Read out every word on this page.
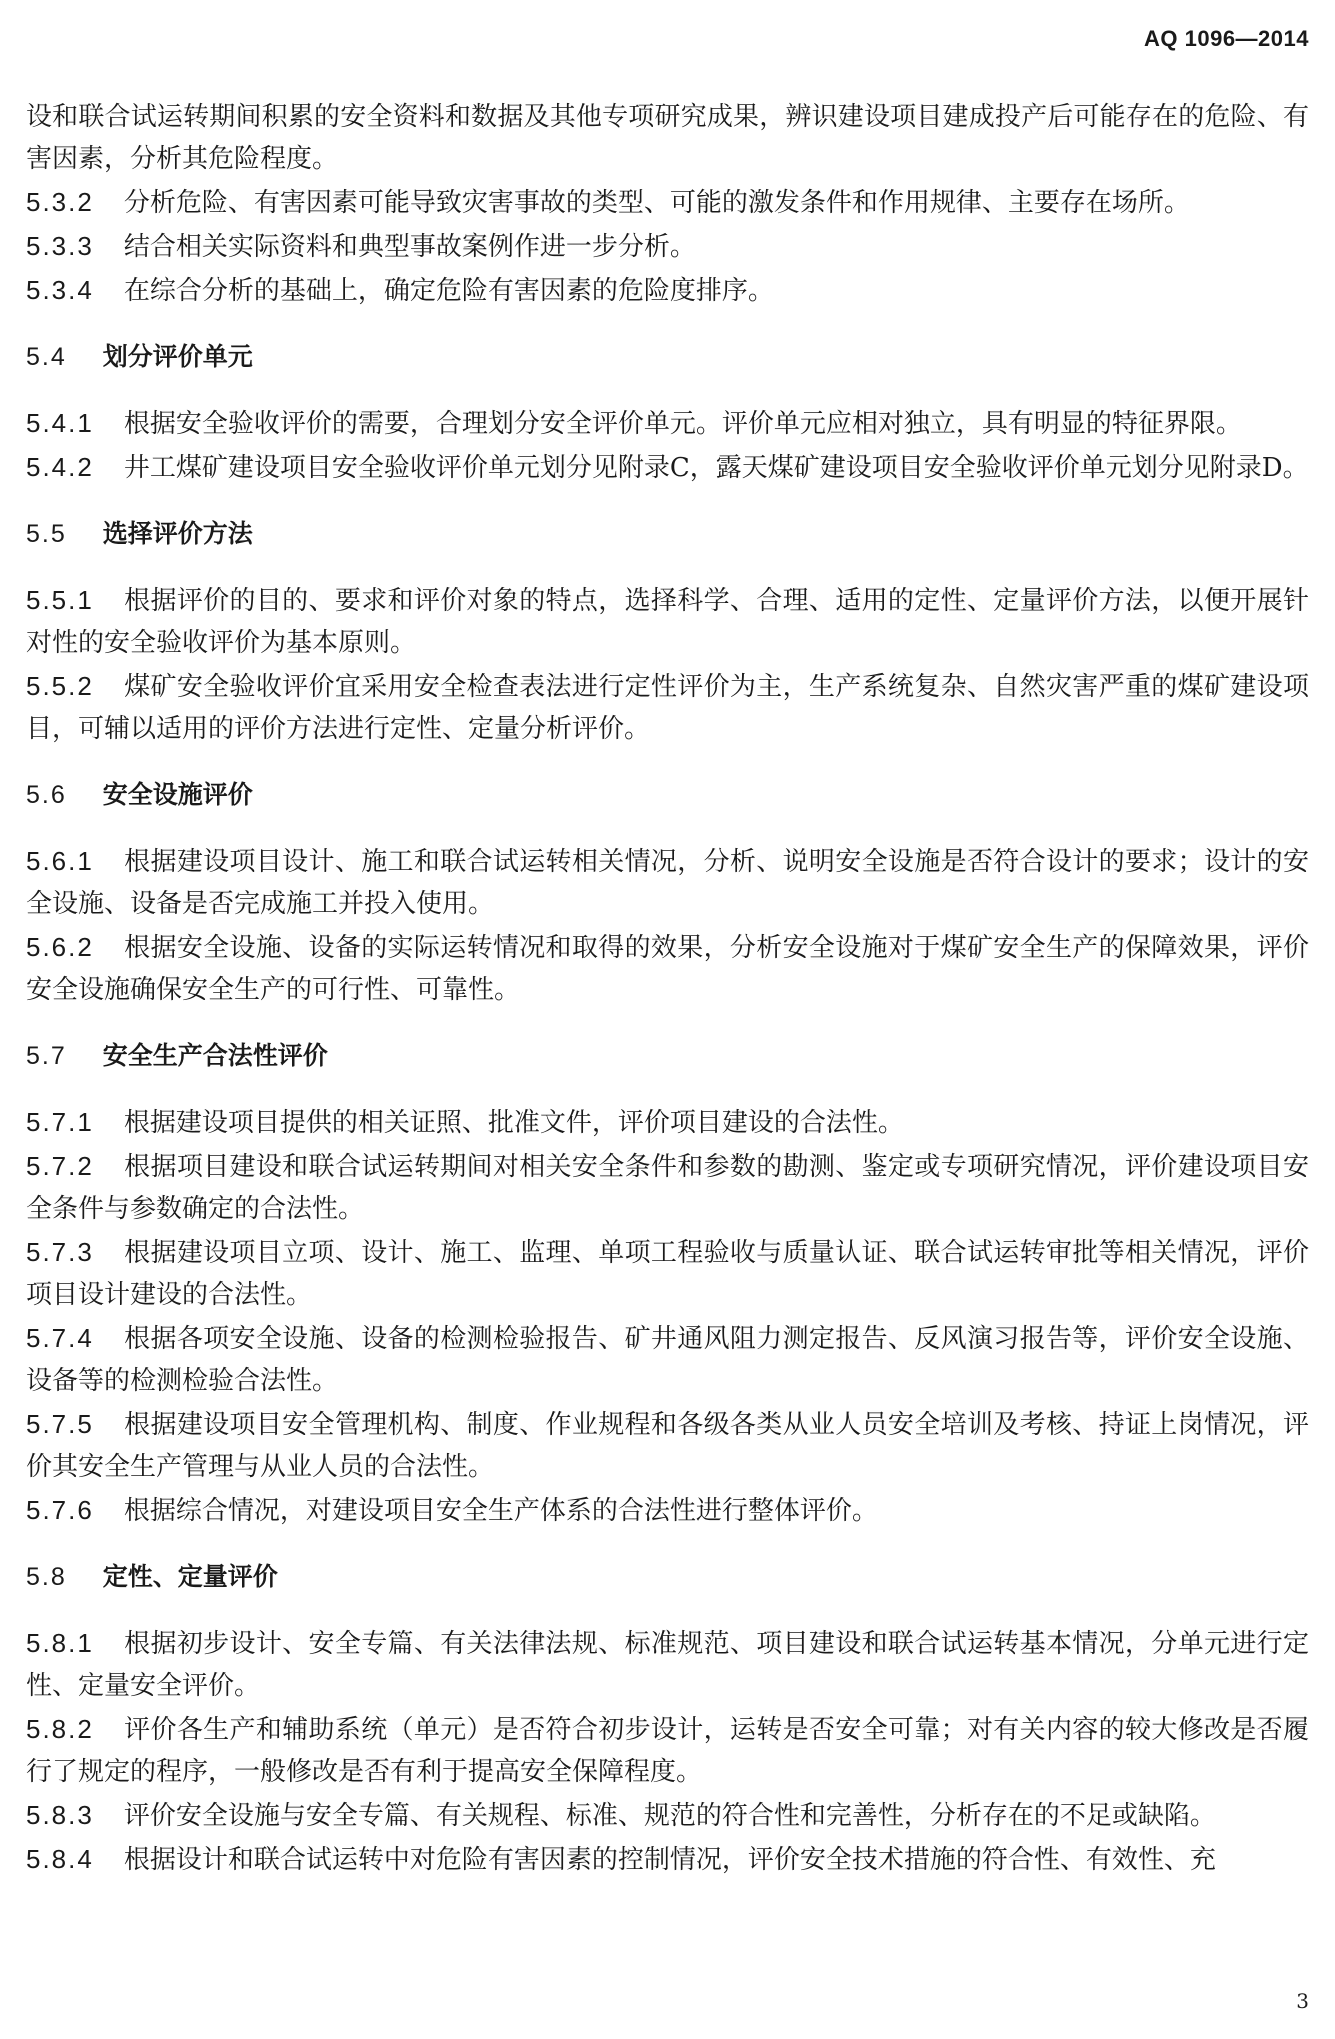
AQ 1096—2014

设和联合试运转期间积累的安全资料和数据及其他专项研究成果，辨识建设项目建成投产后可能存在的危险、有害因素，分析其危险程度。

5.3.2 分析危险、有害因素可能导致灾害事故的类型、可能的激发条件和作用规律、主要存在场所。

5.3.3 结合相关实际资料和典型事故案例作进一步分析。

5.3.4 在综合分析的基础上，确定危险有害因素的危险度排序。

5.4 划分评价单元

5.4.1 根据安全验收评价的需要，合理划分安全评价单元。评价单元应相对独立，具有明显的特征界限。

5.4.2 井工煤矿建设项目安全验收评价单元划分见附录C，露天煤矿建设项目安全验收评价单元划分见附录D。

5.5 选择评价方法

5.5.1 根据评价的目的、要求和评价对象的特点，选择科学、合理、适用的定性、定量评价方法，以便开展针对性的安全验收评价为基本原则。

5.5.2 煤矿安全验收评价宜采用安全检查表法进行定性评价为主，生产系统复杂、自然灾害严重的煤矿建设项目，可辅以适用的评价方法进行定性、定量分析评价。

5.6 安全设施评价

5.6.1 根据建设项目设计、施工和联合试运转相关情况，分析、说明安全设施是否符合设计的要求；设计的安全设施、设备是否完成施工并投入使用。

5.6.2 根据安全设施、设备的实际运转情况和取得的效果，分析安全设施对于煤矿安全生产的保障效果，评价安全设施确保安全生产的可行性、可靠性。

5.7 安全生产合法性评价

5.7.1 根据建设项目提供的相关证照、批准文件，评价项目建设的合法性。

5.7.2 根据项目建设和联合试运转期间对相关安全条件和参数的勘测、鉴定或专项研究情况，评价建设项目安全条件与参数确定的合法性。

5.7.3 根据建设项目立项、设计、施工、监理、单项工程验收与质量认证、联合试运转审批等相关情况，评价项目设计建设的合法性。

5.7.4 根据各项安全设施、设备的检测检验报告、矿井通风阻力测定报告、反风演习报告等，评价安全设施、设备等的检测检验合法性。

5.7.5 根据建设项目安全管理机构、制度、作业规程和各级各类从业人员安全培训及考核、持证上岗情况，评价其安全生产管理与从业人员的合法性。

5.7.6 根据综合情况，对建设项目安全生产体系的合法性进行整体评价。

5.8 定性、定量评价

5.8.1 根据初步设计、安全专篇、有关法律法规、标准规范、项目建设和联合试运转基本情况，分单元进行定性、定量安全评价。

5.8.2 评价各生产和辅助系统（单元）是否符合初步设计，运转是否安全可靠；对有关内容的较大修改是否履行了规定的程序，一般修改是否有利于提高安全保障程度。

5.8.3 评价安全设施与安全专篇、有关规程、标准、规范的符合性和完善性，分析存在的不足或缺陷。

5.8.4 根据设计和联合试运转中对危险有害因素的控制情况，评价安全技术措施的符合性、有效性、充

3
